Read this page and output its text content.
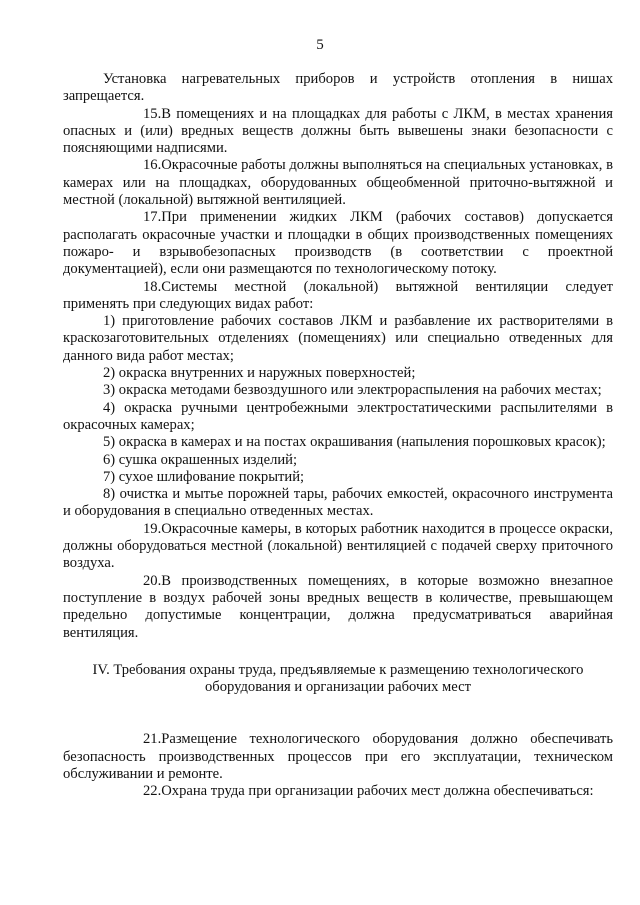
5

Установка нагревательных приборов и устройств отопления в нишах запрещается.

15.В помещениях и на площадках для работы с ЛКМ, в местах хранения опасных и (или) вредных веществ должны быть вывешены знаки безопасности с поясняющими надписями.

16.Окрасочные работы должны выполняться на специальных установках, в камерах или на площадках, оборудованных общеобменной приточно-вытяжной и местной (локальной) вытяжной вентиляцией.

17.При применении жидких ЛКМ (рабочих составов) допускается располагать окрасочные участки и площадки в общих производственных помещениях пожаро- и взрывобезопасных производств (в соответствии с проектной документацией), если они размещаются по технологическому потоку.

18.Системы местной (локальной) вытяжной вентиляции следует применять при следующих видах работ:

1) приготовление рабочих составов ЛКМ и разбавление их растворителями в краскозаготовительных отделениях (помещениях) или специально отведенных для данного вида работ местах;

2) окраска внутренних и наружных поверхностей;

3) окраска методами безвоздушного или электрораспыления на рабочих местах;

4) окраска ручными центробежными электростатическими распылителями в окрасочных камерах;

5) окраска в камерах и на постах окрашивания (напыления порошковых красок);

6) сушка окрашенных изделий;

7) сухое шлифование покрытий;

8) очистка и мытье порожней тары, рабочих емкостей, окрасочного инструмента и оборудования в специально отведенных местах.

19.Окрасочные камеры, в которых работник находится в процессе окраски, должны оборудоваться местной (локальной) вентиляцией с подачей сверху приточного воздуха.

20.В производственных помещениях, в которые возможно внезапное поступление в воздух рабочей зоны вредных веществ в количестве, превышающем предельно допустимые концентрации, должна предусматриваться аварийная вентиляция.

IV. Требования охраны труда, предъявляемые к размещению технологического
оборудования и организации рабочих мест

21.Размещение технологического оборудования должно обеспечивать безопасность производственных процессов при его эксплуатации, техническом обслуживании и ремонте.

22.Охрана труда при организации рабочих мест должна обеспечиваться:
